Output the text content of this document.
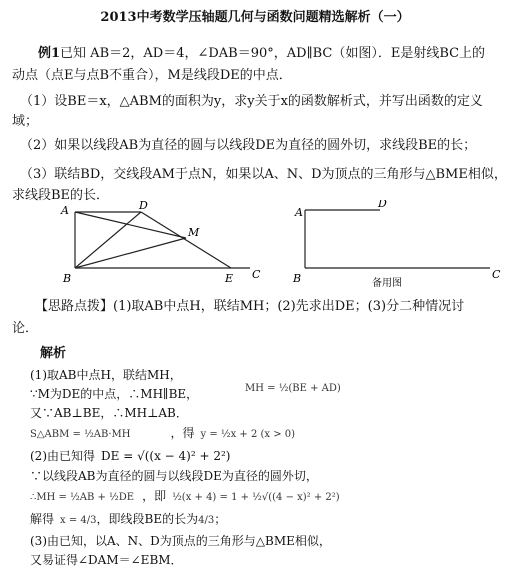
2013中考数学压轴题几何与函数问题精选解析（一）
例1已知 AB＝2，AD＝4，∠DAB＝90°，AD∥BC（如图）．E是射线BC上的
动点（点E与点B不重合），M是线段DE的中点．
（1）设BE＝x，△ABM的面积为y，求y关于x的函数解析式，并写出函数的定义
域；
（2）如果以线段AB为直径的圆与以线段DE为直径的圆外切，求线段BE的长；
（3）联结BD，交线段AM于点N，如果以A、N、D为顶点的三角形与△BME相似，
求线段BE的长．
A	D
M
B	E C
A
D
B	C
备用图
【思路点拨】(1)取AB中点H，联结MH；(2)先求出DE；(3)分二种情况讨
论．
解析
(1)取AB中点H，联结MH，
∵M为DE的中点，∴MH∥BE，	MH = ½(BE + AD)
又∵AB⊥BE，∴MH⊥AB．
S△ABM = ½AB·MH	，得 y = ½x + 2 (x > 0)
(2)由已知得 DE = √((x − 4)² + 2²)
∵以线段AB为直径的圆与以线段DE为直径的圆外切，
∴MH = ½AB + ½DE ，即 ½(x + 4) = 1 + ½√((4 − x)² + 2²)
解得 x = 4/3，即线段BE的长为4/3；
(3)由已知，以A、N、D为顶点的三角形与△BME相似，
又易证得∠DAM＝∠EBM．
